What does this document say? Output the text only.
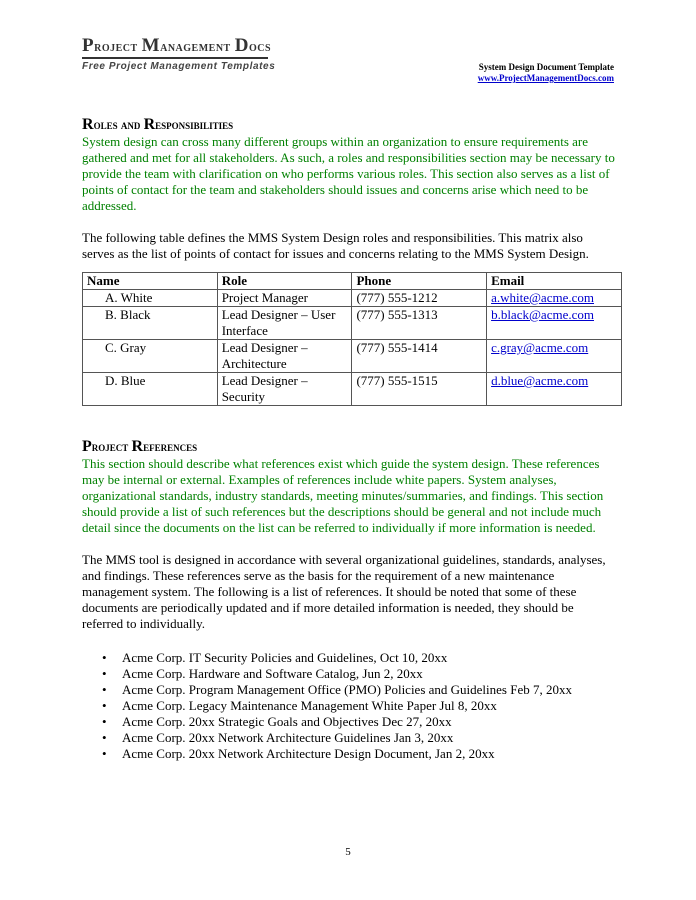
Project Management Docs
Free Project Management Templates	System Design Document Template
www.ProjectManagementDocs.com
Roles and Responsibilities

System design can cross many different groups within an organization to ensure requirements are gathered and met for all stakeholders. As such, a roles and responsibilities section may be necessary to provide the team with clarification on who performs various roles. This section also serves as a list of points of contact for the team and stakeholders should issues and concerns arise which need to be addressed.

The following table defines the MMS System Design roles and responsibilities. This matrix also serves as the list of points of contact for issues and concerns relating to the MMS System Design.

Name	Role	Phone	Email
A. White	Project Manager	(777) 555-1212	a.white@acme.com
B. Black	Lead Designer – User Interface	(777) 555-1313	b.black@acme.com
C. Gray	Lead Designer – Architecture	(777) 555-1414	c.gray@acme.com
D. Blue	Lead Designer – Security	(777) 555-1515	d.blue@acme.com
Project References

This section should describe what references exist which guide the system design. These references may be internal or external. Examples of references include white papers. System analyses, organizational standards, industry standards, meeting minutes/summaries, and findings. This section should provide a list of such references but the descriptions should be general and not include much detail since the documents on the list can be referred to individually if more information is needed.

The MMS tool is designed in accordance with several organizational guidelines, standards, analyses, and findings. These references serve as the basis for the requirement of a new maintenance management system. The following is a list of references. It should be noted that some of these documents are periodically updated and if more detailed information is needed, they should be referred to individually.

• Acme Corp. IT Security Policies and Guidelines, Oct 10, 20xx
• Acme Corp. Hardware and Software Catalog, Jun 2, 20xx
• Acme Corp. Program Management Office (PMO) Policies and Guidelines Feb 7, 20xx
• Acme Corp. Legacy Maintenance Management White Paper Jul 8, 20xx
• Acme Corp. 20xx Strategic Goals and Objectives Dec 27, 20xx
• Acme Corp. 20xx Network Architecture Guidelines Jan 3, 20xx
• Acme Corp. 20xx Network Architecture Design Document, Jan 2, 20xx
5
